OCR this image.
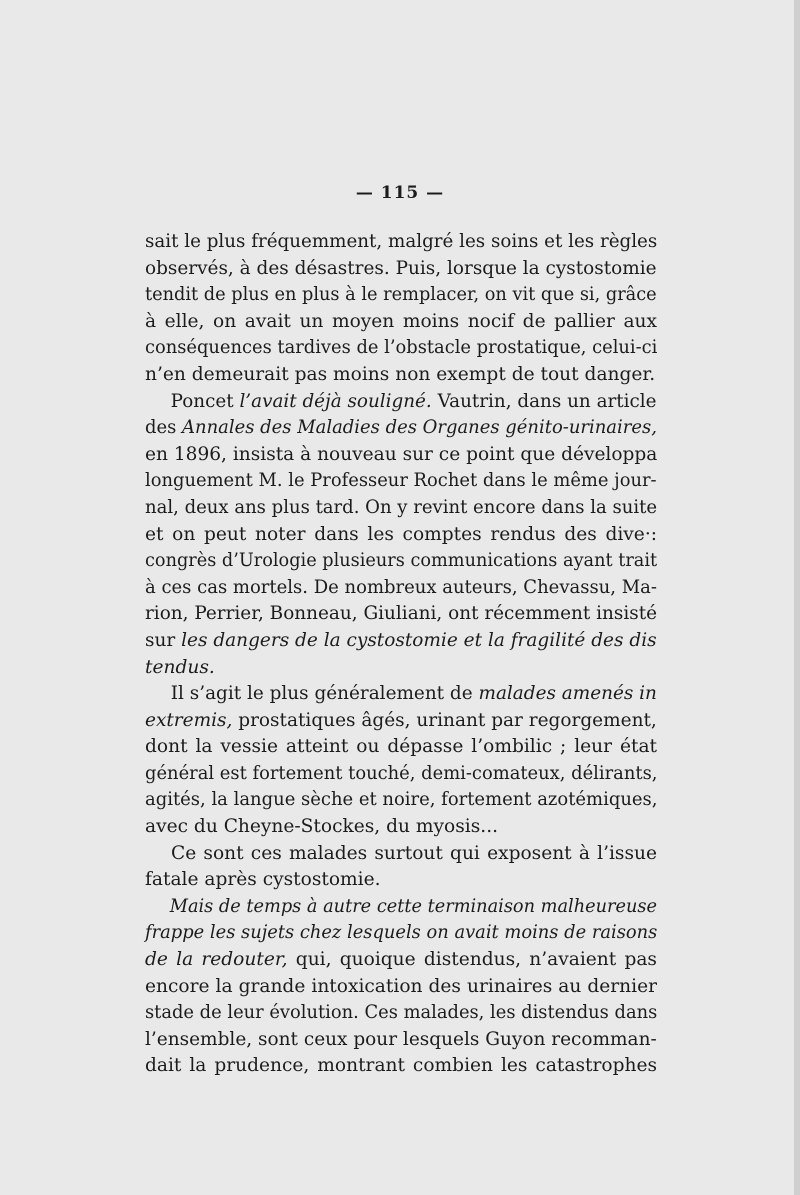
— 115 —
sait le plus fréquemment, malgré les soins et les règles
observés, à des désastres. Puis, lorsque la cystostomie
tendit de plus en plus à le remplacer, on vit que si, grâce
à elle, on avait un moyen moins nocif de pallier aux
conséquences tardives de l’obstacle prostatique, celui-ci
n’en demeurait pas moins non exempt de tout danger.
Poncet l’avait déjà souligné. Vautrin, dans un article
des Annales des Maladies des Organes génito-urinaires,
en 1896, insista à nouveau sur ce point que développa
longuement M. le Professeur Rochet dans le même jour-
nal, deux ans plus tard. On y revint encore dans la suite
et on peut noter dans les comptes rendus des dive·:
congrès d’Urologie plusieurs communications ayant trait
à ces cas mortels. De nombreux auteurs, Chevassu, Ma-
rion, Perrier, Bonneau, Giuliani, ont récemment insisté
sur les dangers de la cystostomie et la fragilité des dis
tendus.
Il s’agit le plus généralement de malades amenés in
extremis, prostatiques âgés, urinant par regorgement,
dont la vessie atteint ou dépasse l’ombilic ; leur état
général est fortement touché, demi-comateux, délirants,
agités, la langue sèche et noire, fortement azotémiques,
avec du Cheyne-Stockes, du myosis...
Ce sont ces malades surtout qui exposent à l’issue
fatale après cystostomie.
Mais de temps à autre cette terminaison malheureuse
frappe les sujets chez lesquels on avait moins de raisons
de la redouter, qui, quoique distendus, n’avaient pas
encore la grande intoxication des urinaires au dernier
stade de leur évolution. Ces malades, les distendus dans
l’ensemble, sont ceux pour lesquels Guyon recomman-
dait la prudence, montrant combien les catastrophes
